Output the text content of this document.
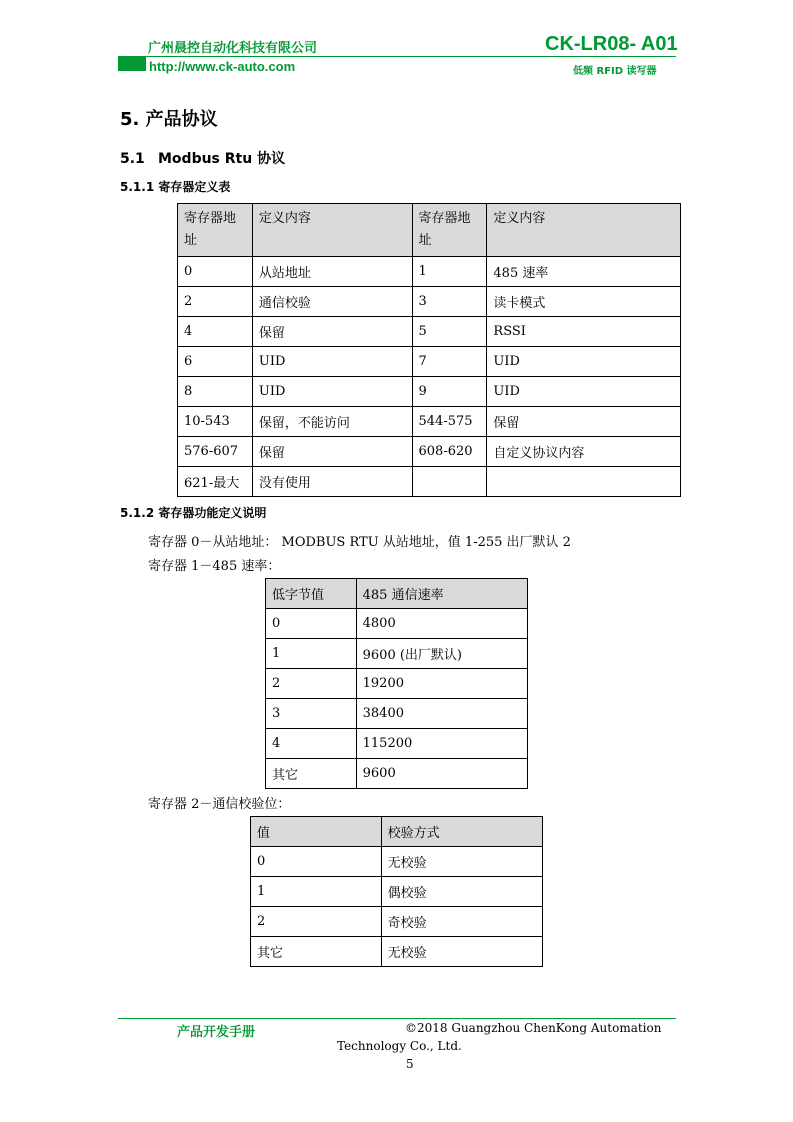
广州晨控自动化科技有限公司	CK-LR08- A01
http://www.ck-auto.com	低频 RFID 读写器
5. 产品协议
5.1 Modbus Rtu 协议
5.1.1 寄存器定义表
寄存器地址	定义内容	寄存器地址	定义内容
0	从站地址	1	485 速率
2	通信校验	3	读卡模式
4	保留	5	RSSI
6	UID	7	UID
8	UID	9	UID
10-543	保留，不能访问	544-575	保留
576-607	保留	608-620	自定义协议内容
621-最大	没有使用		
5.1.2 寄存器功能定义说明
寄存器 0－从站地址： MODBUS RTU 从站地址，值 1-255 出厂默认 2
寄存器 1－485 速率：
低字节值	485 通信速率
0	4800
1	9600 (出厂默认)
2	19200
3	38400
4	115200
其它	9600
寄存器 2－通信校验位：
值	校验方式
0	无校验
1	偶校验
2	奇校验
其它	无校验
产品开发手册	©2018 Guangzhou ChenKong Automation
Technology Co., Ltd.
5
